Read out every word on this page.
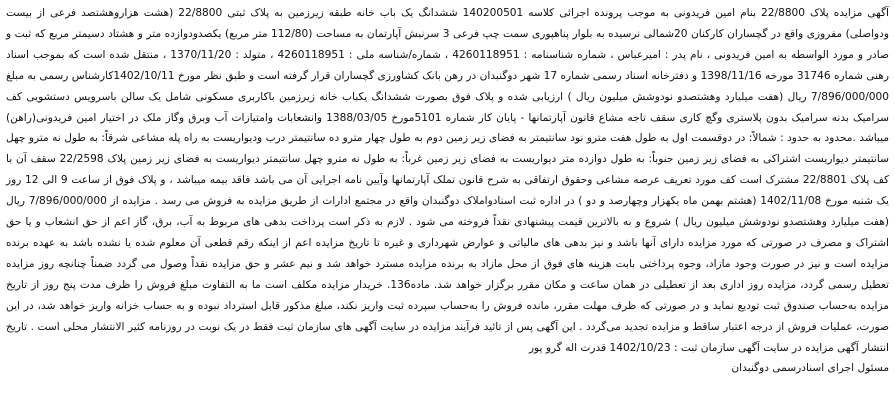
آگهی مزایده پلاک 22/8800 بنام امین فریدونی به موجب پرونده اجرائی کلاسه 140200501 ششدانگ یک باب خانه طبقه زیرزمین به پلاک ثبتی 22/8800 (هشت هزاروهشتصد فرعی از بیست ودواصلی) مفروزی واقع در گچساران کارکنان 20شمالی نرسیده به بلوار پناهپوری سمت چپ فرعی 3 سرنبش آپارتمان به مساحت (112/80 متر مربع) یکصدودوازده متر و هشتاد دسیمتر مربع که ثبت و صادر و مورد الواسطه به امین فریدونی ، نام پدر : امیرعباس ، شماره شناسنامه : 4260118951 ، شماره/شناسه ملی : 4260118951 ، متولد : 1370/11/20 ، منتقل شده است که بموجب اسناد رهنی شماره 31746 مورخه 1398/11/16 و دفترخانه اسناد رسمی شماره 17 شهر دوگنبدان در رهن بانک کشاورزی گچساران قرار گرفته است و طبق نظر مورخ 1402/10/11کارشناس رسمی به مبلغ 7/896/000/000 ریال (هفت میلیارد وهشتصدو نودوشش میلیون ریال ) ارزیابی شده و پلاک فوق بصورت ششدانگ یکباب خانه زیرزمین باکاربری مسکونی شامل یک سالن باسرویس دستشویی کف سرامیک بدنه سرامیک بدون پلاستری وگچ کاری سقف تاجه مشاع قانون آپارتمانها - پایان کار شماره 5101مورخ 1388/03/05 وانشعابات وامتیازات آب وبرق وگاز ملک در اختیار امین فریدونی(راهن) میباشد .محدود به حدود : شمالاً: در دوقسمت اول به طول هفت مترو نود سانتیمتر به فضای زیر زمین دوم به طول چهار مترو ده سانتیمتر درب ودیواریست به راه پله مشاعی شرقاً: به طول نه مترو چهل سانتیمتر دیواریست اشتراکی به فضای زیر زمین جنوباً: به طول دوازده متر دیواریست به فضای زیر زمین غرباً: به طول نه مترو چهل سانتیمتر دیواریست به فضای زیر زمین پلاک 22/2598 سقف آن با کف پلاک 22/8801 مشترک است کف مورد تعریف عرصه مشاعی وحقوق ارتفاقی به شرح قانون تملک آپارتمانها وآیین نامه اجرایی آن می باشد فاقد بیمه میباشد ، و پلاک فوق از ساعت 9 الی 12 روز یک شنبه مورخ 1402/11/08 (هشتم بهمن ماه یکهزار وچهارصد و دو ) در اداره ثبت اسنادواملاک دوگنبدان واقع در مجتمع ادارات از طریق مزایده به فروش می رسد . مزایده از 7/896/000/000 ریال (هفت میلیارد وهشتصدو نودوشش میلیون ریال ) شروع و به بالاترین قیمت پیشنهادی نقداً فروخته می شود . لازم به ذکر است پرداخت بدهی های مربوط به آب، برق، گاز اعم از حق انشعاب و یا حق اشتراک و مصرف در صورتی که مورد مزایده دارای آنها باشد و نیز بدهی های مالیاتی و عوارض شهرداری و غیره تا تاریخ مزایده اعم از اینکه رقم قطعی آن معلوم شده یا نشده باشد به عهده برنده مزایده است و نیز در صورت وجود مازاد، وجوه پرداختی بابت هزینه های فوق از محل مازاد به برنده مزایده مسترد خواهد شد و نیم عشر و حق مزایده نقداً وصول می گردد ضمناً چنانچه روز مزایده تعطیل رسمی گردد، مزایده روز اداری بعد از تعطیلی در همان ساعت و مکان مقرر برگزار خواهد شد. ماده136. خریدار مزایده مکلف است ما به التفاوت مبلغ فروش را ظرف مدت پنج روز از تاریخ مزایده به‌حساب صندوق ثبت تودیع نماید و در صورتی که ظرف مهلت مقرر، مانده فروش را به‌حساب سپرده ثبت واریز نکند، مبلغ مذکور قابل استرداد نبوده و به حساب خزانه واریز خواهد شد، در این صورت، عملیات فروش از درجه اعتبار ساقط و مزایده تجدید می‌گردد . این آگهی پس از تائید فرآیند مزایده در سایت آگهی های سازمان ثبت فقط در یک نوبت در روزنامه کثیر الانتشار محلی است . تاریخ انتشار آگهی مزایده در سایت آگهی سازمان ثبت : 1402/10/23 قدرت اله گرو پور
مسئول اجرای اسنادرسمی دوگنبدان
